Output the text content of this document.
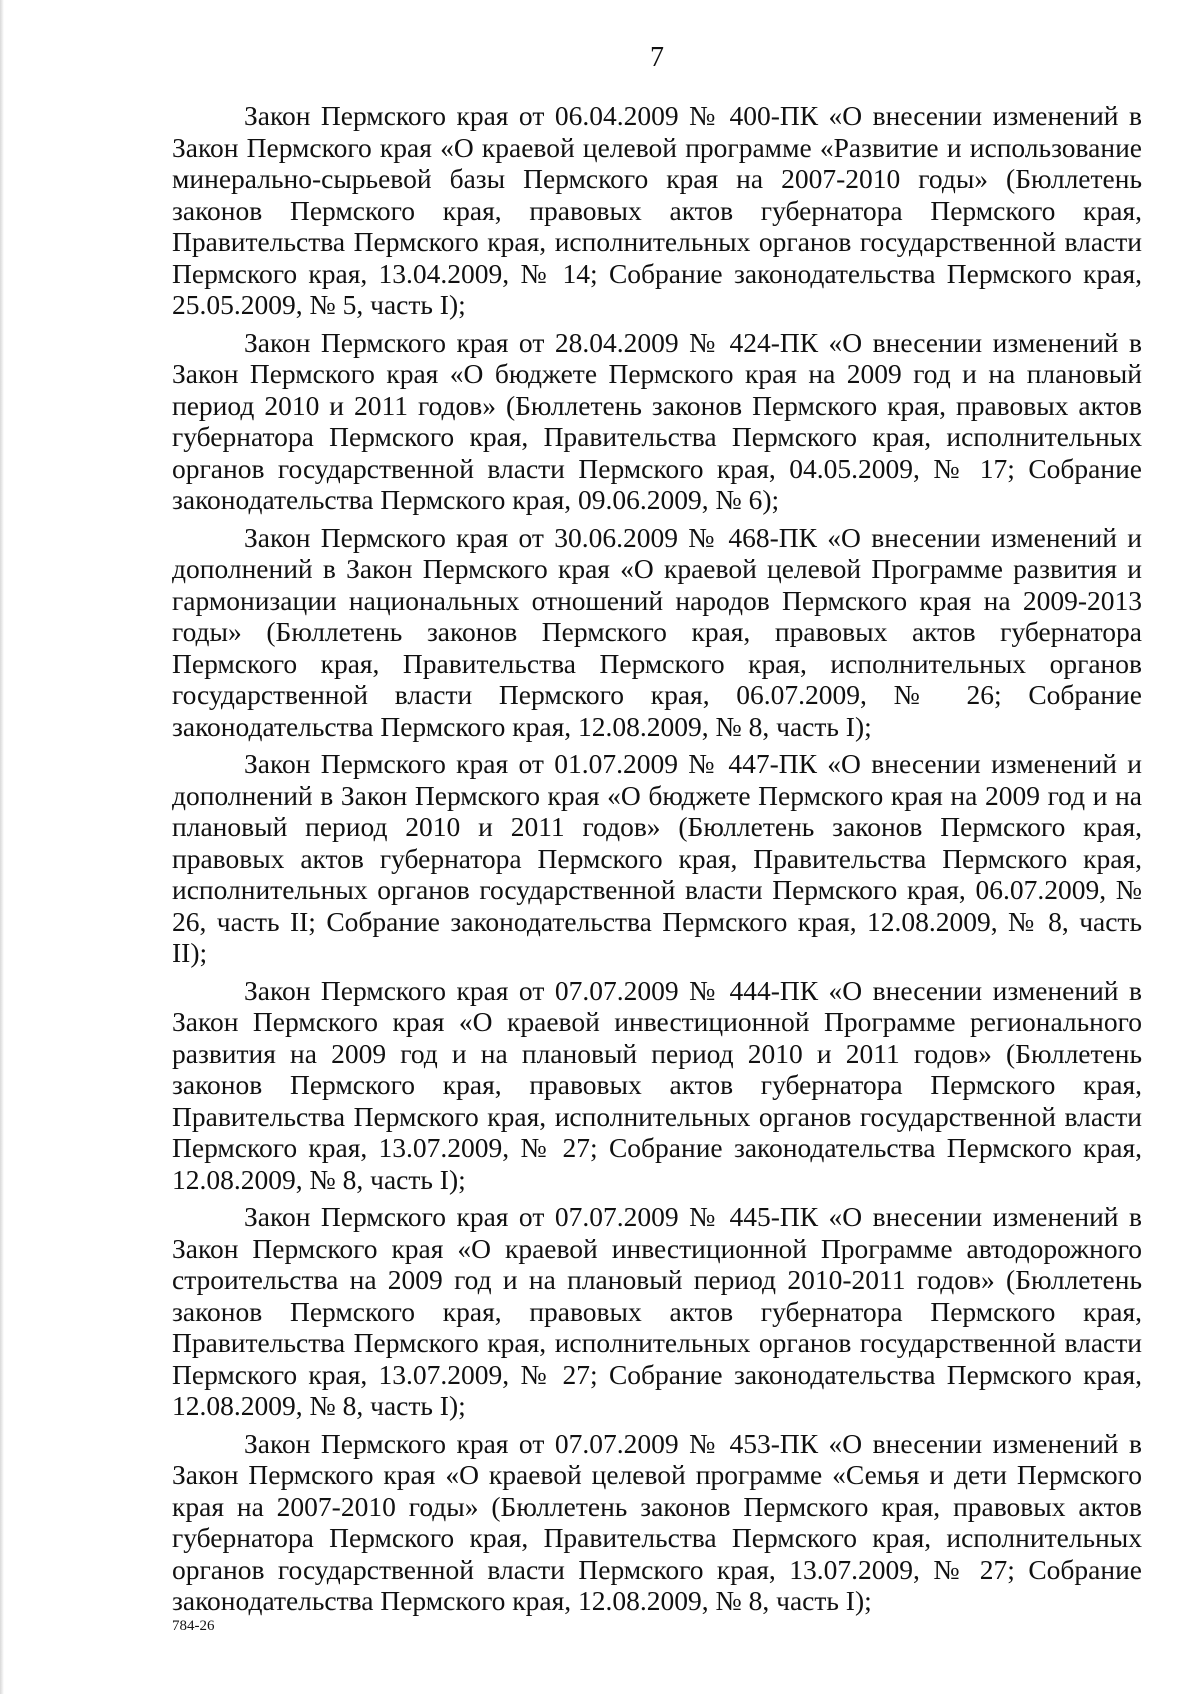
7

Закон Пермского края от 06.04.2009 № 400-ПК «О внесении изменений в Закон Пермского края «О краевой целевой программе «Развитие и использование минерально-сырьевой базы Пермского края на 2007-2010 годы» (Бюллетень законов Пермского края, правовых актов губернатора Пермского края, Правительства Пермского края, исполнительных органов государственной власти Пермского края, 13.04.2009, № 14; Собрание законодательства Пермского края, 25.05.2009, № 5, часть I);

Закон Пермского края от 28.04.2009 № 424-ПК «О внесении изменений в Закон Пермского края «О бюджете Пермского края на 2009 год и на плановый период 2010 и 2011 годов» (Бюллетень законов Пермского края, правовых актов губернатора Пермского края, Правительства Пермского края, исполнительных органов государственной власти Пермского края, 04.05.2009, № 17; Собрание законодательства Пермского края, 09.06.2009, № 6);

Закон Пермского края от 30.06.2009 № 468-ПК «О внесении изменений и дополнений в Закон Пермского края «О краевой целевой Программе развития и гармонизации национальных отношений народов Пермского края на 2009-2013 годы» (Бюллетень законов Пермского края, правовых актов губернатора Пермского края, Правительства Пермского края, исполнительных органов государственной власти Пермского края, 06.07.2009, № 26; Собрание законодательства Пермского края, 12.08.2009, № 8, часть I);

Закон Пермского края от 01.07.2009 № 447-ПК «О внесении изменений и дополнений в Закон Пермского края «О бюджете Пермского края на 2009 год и на плановый период 2010 и 2011 годов» (Бюллетень законов Пермского края, правовых актов губернатора Пермского края, Правительства Пермского края, исполнительных органов государственной власти Пермского края, 06.07.2009, № 26, часть II; Собрание законодательства Пермского края, 12.08.2009, № 8, часть II);

Закон Пермского края от 07.07.2009 № 444-ПК «О внесении изменений в Закон Пермского края «О краевой инвестиционной Программе регионального развития на 2009 год и на плановый период 2010 и 2011 годов» (Бюллетень законов Пермского края, правовых актов губернатора Пермского края, Правительства Пермского края, исполнительных органов государственной власти Пермского края, 13.07.2009, № 27; Собрание законодательства Пермского края, 12.08.2009, № 8, часть I);

Закон Пермского края от 07.07.2009 № 445-ПК «О внесении изменений в Закон Пермского края «О краевой инвестиционной Программе автодорожного строительства на 2009 год и на плановый период 2010-2011 годов» (Бюллетень законов Пермского края, правовых актов губернатора Пермского края, Правительства Пермского края, исполнительных органов государственной власти Пермского края, 13.07.2009, № 27; Собрание законодательства Пермского края, 12.08.2009, № 8, часть I);

Закон Пермского края от 07.07.2009 № 453-ПК «О внесении изменений в Закон Пермского края «О краевой целевой программе «Семья и дети Пермского края на 2007-2010 годы» (Бюллетень законов Пермского края, правовых актов губернатора Пермского края, Правительства Пермского края, исполнительных органов государственной власти Пермского края, 13.07.2009, № 27; Собрание законодательства Пермского края, 12.08.2009, № 8, часть I);

784-26
